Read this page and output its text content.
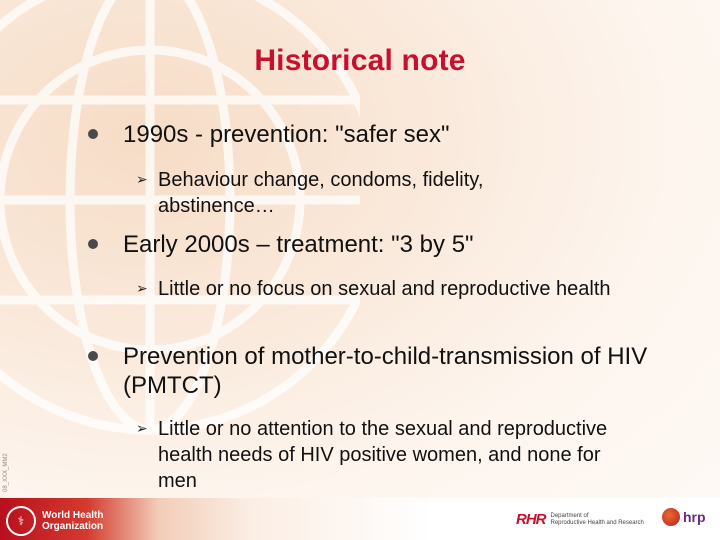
Historical note
1990s - prevention: "safer sex"
➢ Behaviour change, condoms, fidelity, abstinence…
Early 2000s – treatment: "3 by 5"
➢ Little or no focus on sexual and reproductive health
Prevention of mother-to-child-transmission of HIV (PMTCT)
➢ Little or no attention to the sexual and reproductive health needs of HIV positive women, and none for men
08_XXX_MM2
⚕	World Health
Organization	RHR Department of
Reproductive Health and Research	hrp
